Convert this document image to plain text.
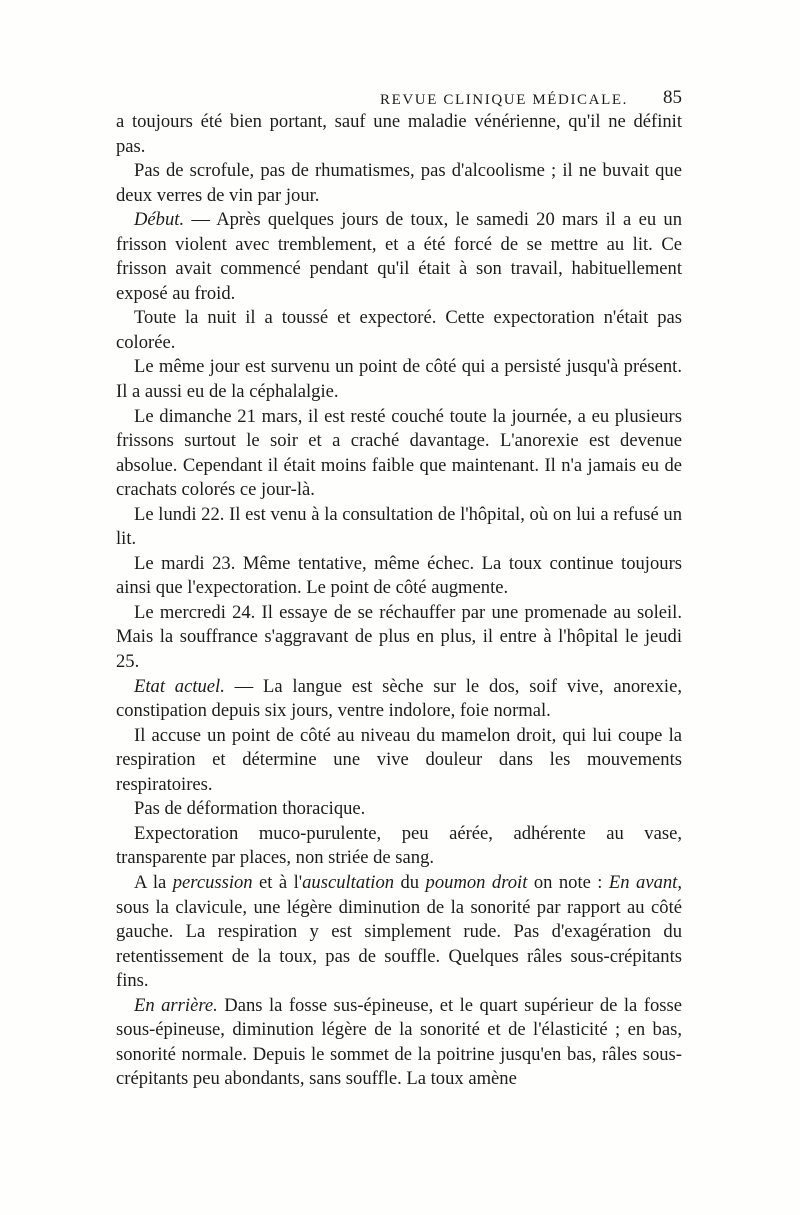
REVUE CLINIQUE MÉDICALE. 85

a toujours été bien portant, sauf une maladie vénérienne, qu'il ne définit pas.

Pas de scrofule, pas de rhumatismes, pas d'alcoolisme ; il ne buvait que deux verres de vin par jour.

Début. — Après quelques jours de toux, le samedi 20 mars il a eu un frisson violent avec tremblement, et a été forcé de se mettre au lit. Ce frisson avait commencé pendant qu'il était à son travail, habituellement exposé au froid.

Toute la nuit il a toussé et expectoré. Cette expectoration n'était pas colorée.

Le même jour est survenu un point de côté qui a persisté jusqu'à présent. Il a aussi eu de la céphalalgie.

Le dimanche 21 mars, il est resté couché toute la journée, a eu plusieurs frissons surtout le soir et a craché davantage. L'anorexie est devenue absolue. Cependant il était moins faible que maintenant. Il n'a jamais eu de crachats colorés ce jour-là.

Le lundi 22. Il est venu à la consultation de l'hôpital, où on lui a refusé un lit.

Le mardi 23. Même tentative, même échec. La toux continue toujours ainsi que l'expectoration. Le point de côté augmente.

Le mercredi 24. Il essaye de se réchauffer par une promenade au soleil. Mais la souffrance s'aggravant de plus en plus, il entre à l'hôpital le jeudi 25.

Etat actuel. — La langue est sèche sur le dos, soif vive, anorexie, constipation depuis six jours, ventre indolore, foie normal.

Il accuse un point de côté au niveau du mamelon droit, qui lui coupe la respiration et détermine une vive douleur dans les mouvements respiratoires.

Pas de déformation thoracique.

Expectoration muco-purulente, peu aérée, adhérente au vase, transparente par places, non striée de sang.

A la percussion et à l'auscultation du poumon droit on note : En avant, sous la clavicule, une légère diminution de la sonorité par rapport au côté gauche. La respiration y est simplement rude. Pas d'exagération du retentissement de la toux, pas de souffle. Quelques râles sous-crépitants fins.

En arrière. Dans la fosse sus-épineuse, et le quart supérieur de la fosse sous-épineuse, diminution légère de la sonorité et de l'élasticité ; en bas, sonorité normale. Depuis le sommet de la poitrine jusqu'en bas, râles sous-crépitants peu abondants, sans souffle. La toux amène
